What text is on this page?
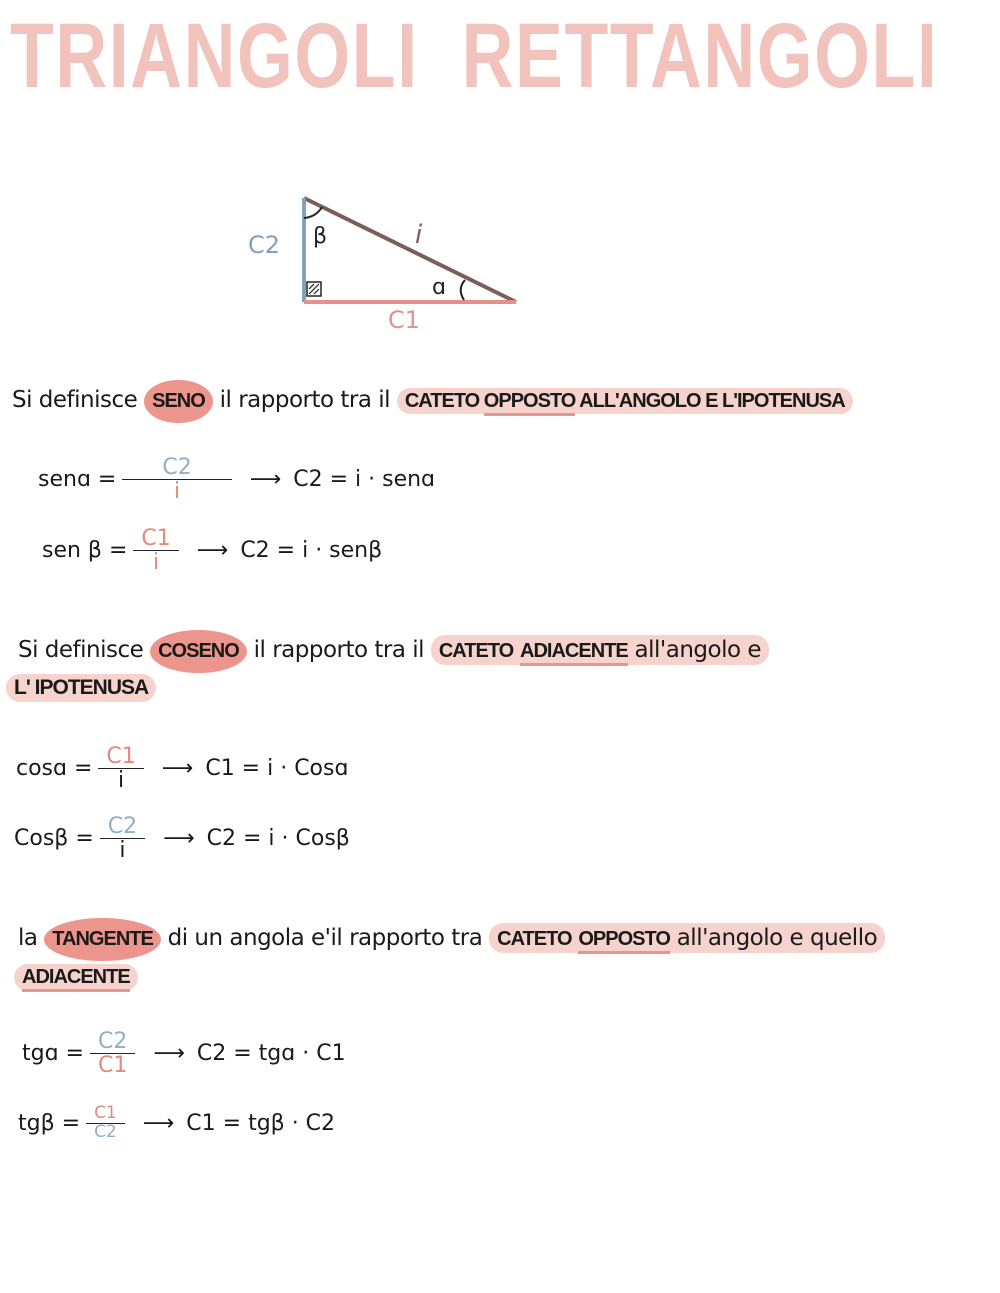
TRIANGOLI  RETTANGOLI
C2
C1
i
β
ɑ
Si definisce SENO il rapporto tra il CATETO OPPOSTO ALL'ANGOLO E L'IPOTENUSA
senɑ = $\frac{C2}{i}$ ⟶ C2 = i · senɑ
sen $\beta = \frac{C1}{i}$ ⟶ C2 = i · senβ
Si definisce COSENO il rapporto tra il CATETO ADIACENTE all'angolo e
L' IPOTENUSA
cosɑ = $\frac{C1}{i}$ ⟶ C1 = i · Cosɑ
$Cos\beta = \frac{C2}{i}$ ⟶ C2 = i · Cosβ
la TANGENTE di un angola e'il rapporto tra CATETO OPPOSTO all'angolo e quello
ADIACENTE
tgɑ = $\frac{C2}{C1}$ ⟶ C2 = tgɑ · C1
$tg\beta = \frac{C1}{C2}$ ⟶ C1 = tgβ · C2
